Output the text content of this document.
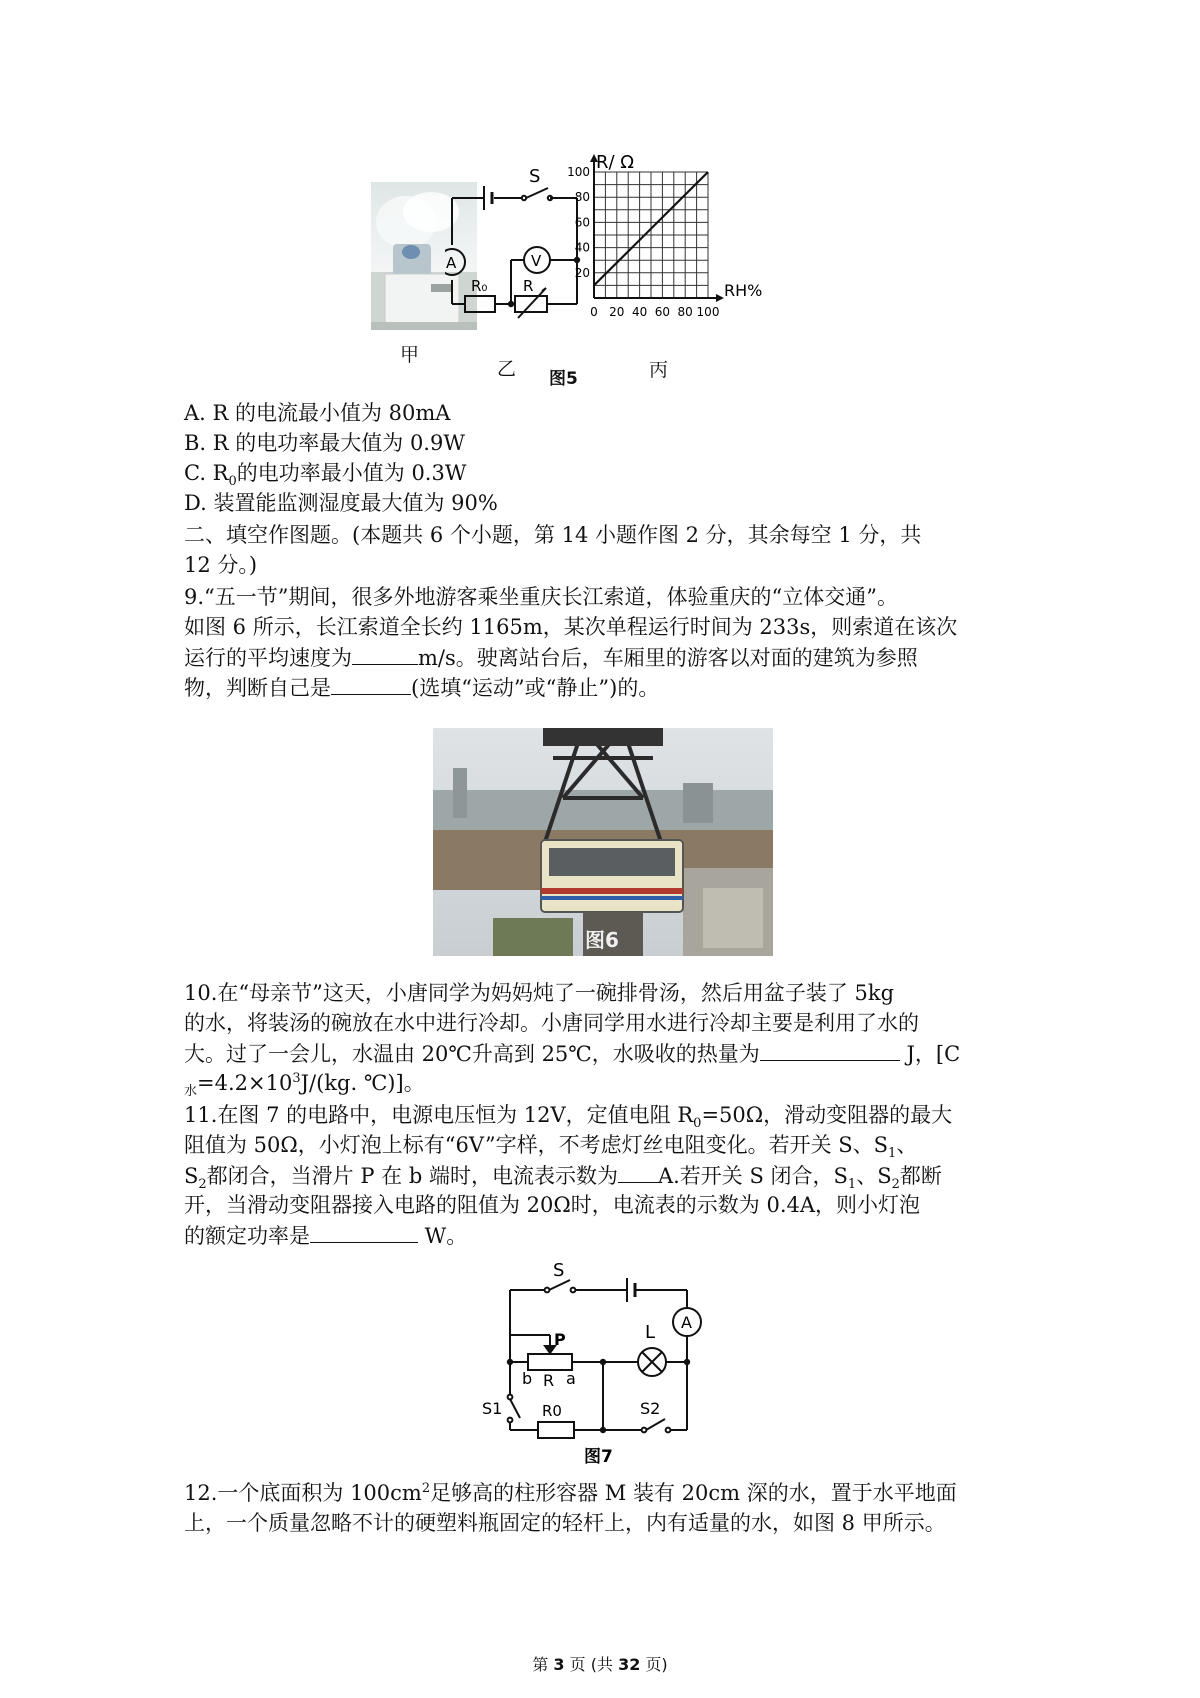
甲
S
A	V
R₀ R
乙 图5
R/ Ω
RH%
0 20 40 60 80 100
20
40
60
80
100
丙
A. R 的电流最小值为 80mA
B. R 的电功率最大值为 0.9W
C. $R_0$的电功率最小值为 0.3W
D. 装置能监测湿度最大值为 90%
二、填空作图题。(本题共 6 个小题，第 14 小题作图 2 分，其余每空 1 分，共
12 分。)
9.“五一节”期间，很多外地游客乘坐重庆长江索道，体验重庆的“立体交通”。
如图 6 所示，长江索道全长约 1165m，某次单程运行时间为 233s，则索道在该次
运行的平均速度为	m/s。驶离站台后，车厢里的游客以对面的建筑为参照
物，判断自己是	(选填“运动”或“静止”)的。
图6
10.在“母亲节”这天，小唐同学为妈妈炖了一碗排骨汤，然后用盆子装了 5kg
的水，将装汤的碗放在水中进行冷却。小唐同学用水进行冷却主要是利用了水的
大。过了一会儿，水温由 20℃升高到 25℃，水吸收的热量为	J，[C
$_水=4.2\times 10^3J/(kg$. ℃)]。
11.在图 7 的电路中，电源电压恒为 12V，定值电阻 $R_0=50\Omega$，滑动变阻器的最大
阻值为 50Ω，小灯泡上标有“6V”字样，不考虑灯丝电阻变化。若开关 S、$S_1$、
$S_2$都闭合，当滑片 P 在 b 端时，电流表示数为 A.若开关 S 闭合，$S_1$、$S_2$都断
开，当滑动变阻器接入电路的阻值为 20Ω时，电流表的示数为 0.4A，则小灯泡
的额定功率是	W。
S
L A
P
b R a
S1	R0	S2
图7
12.一个底面积为 $100cm^2$足够高的柱形容器 M 装有 20cm 深的水，置于水平地面
上，一个质量忽略不计的硬塑料瓶固定的轻杆上，内有适量的水，如图 8 甲所示。
第 3 页 (共 32 页)
